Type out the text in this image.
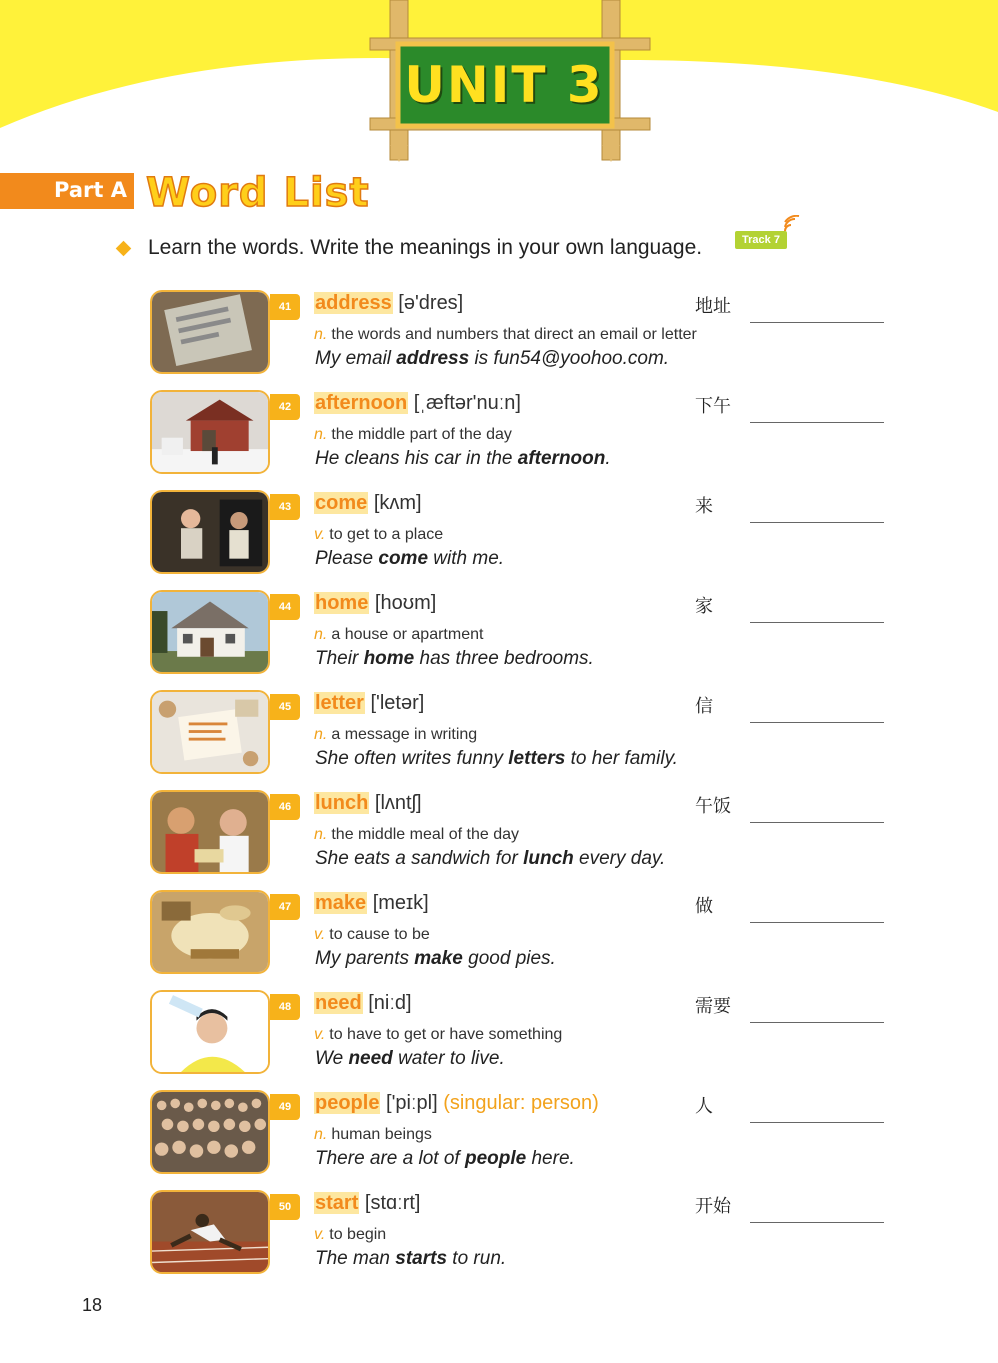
UNIT 3
Part A Word List
Learn the words. Write the meanings in your own language.	Track 7
41	address [ə'dres]
n. the words and numbers that direct an email or letter
My email address is fun54@yoohoo.com.
地址
42	afternoon [ˌæftər'nuːn]
n. the middle part of the day
He cleans his car in the afternoon.
下午
43	come [kʌm]
v. to get to a place
Please come with me.
来
44	home [hoʊm]
n. a house or apartment
Their home has three bedrooms.
家
45	letter ['letər]
n. a message in writing
She often writes funny letters to her family.
信
46	lunch [lʌntʃ]
n. the middle meal of the day
She eats a sandwich for lunch every day.
午饭
47	make [meɪk]
v. to cause to be
My parents make good pies.
做
48	need [niːd]
v. to have to get or have something
We need water to live.
需要
49	people ['piːpl] (singular: person)
n. human beings
There are a lot of people here.
人
50	start [stɑːrt]
v. to begin
The man starts to run.
开始
18
